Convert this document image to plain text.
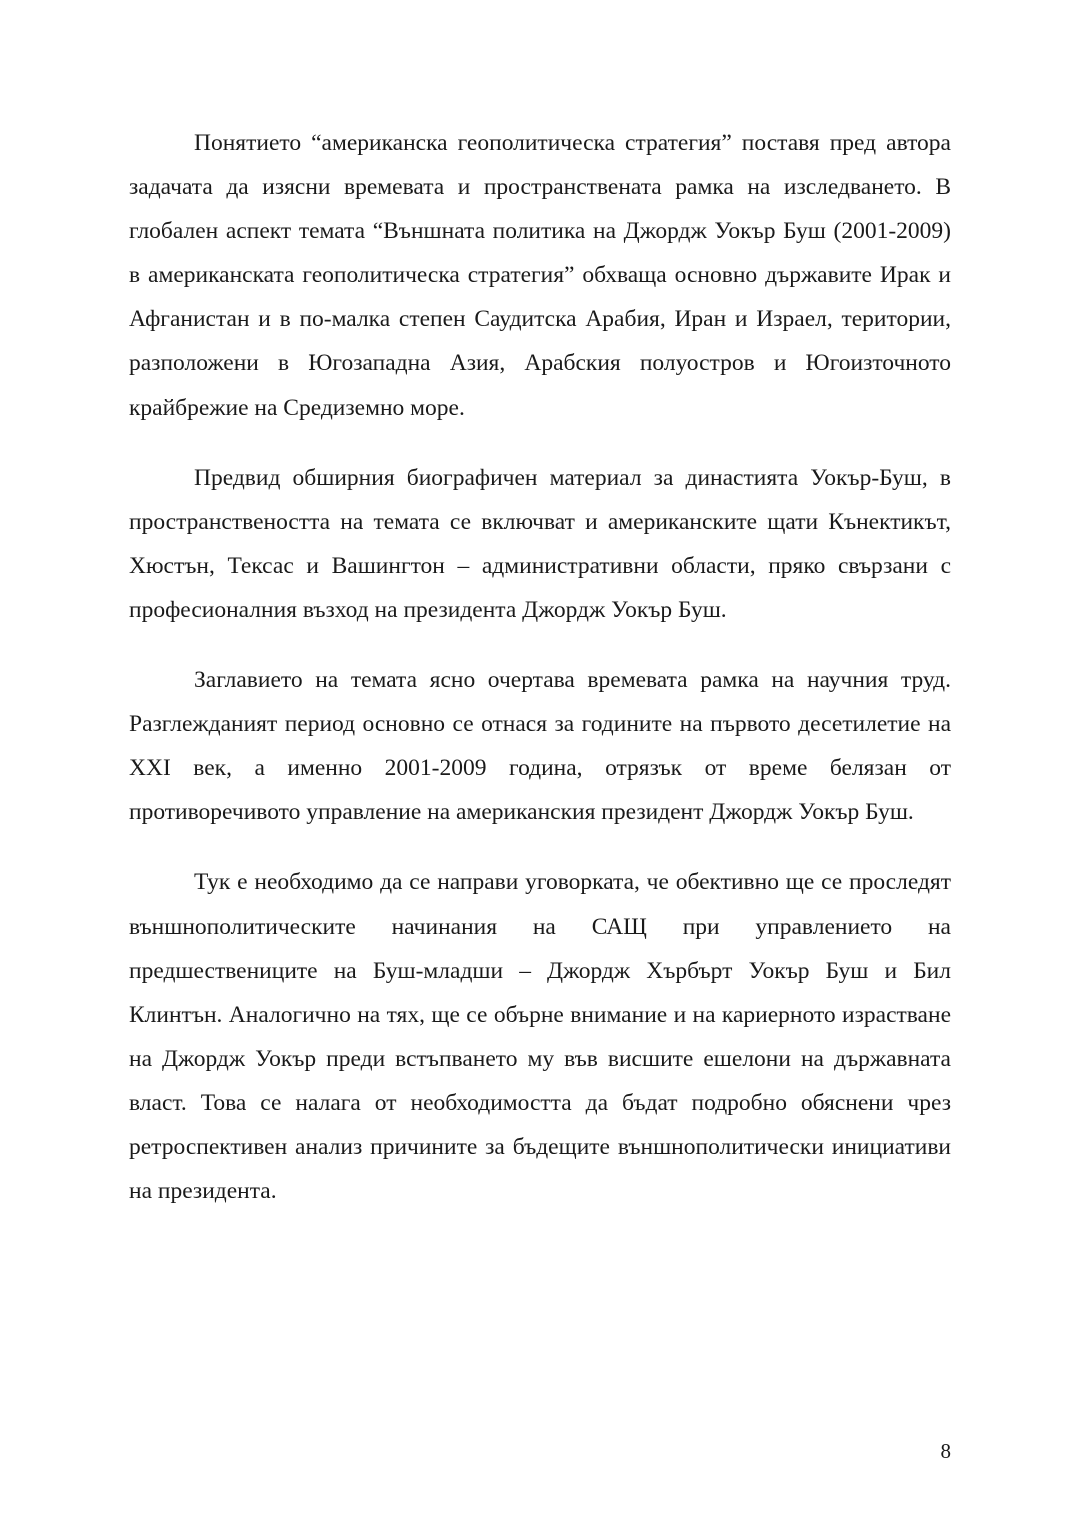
Понятието “американска геополитическа стратегия” поставя пред автора задачата да изясни времевата и пространствената рамка на изследването. В глобален аспект темата “Външната политика на Джордж Уокър Буш (2001-2009) в американската геополитическа стратегия” обхваща основно държавите Ирак и Афганистан и в по-малка степен Саудитска Арабия, Иран и Израел, територии, разположени в Югозападна Азия, Арабския полуостров и Югоизточното крайбрежие на Средиземно море.

Предвид обширния биографичен материал за династията Уокър-Буш, в пространствеността на темата се включват и американските щати Кънектикът, Хюстън, Тексас и Вашингтон – административни области, пряко свързани с професионалния възход на президента Джордж Уокър Буш.

Заглавието на темата ясно очертава времевата рамка на научния труд. Разглежданият период основно се отнася за годините на първото десетилетие на XXI век, а именно 2001-2009 година, отрязък от време белязан от противоречивото управление на американския президент Джордж Уокър Буш.

Тук е необходимо да се направи уговорката, че обективно ще се проследят външнополитическите начинания на САЩ при управлението на предшествениците на Буш-младши – Джордж Хърбърт Уокър Буш и Бил Клинтън. Аналогично на тях, ще се обърне внимание и на кариерното израстване на Джордж Уокър преди встъпването му във висшите ешелони на държавната власт. Това се налага от необходимостта да бъдат подробно обяснени чрез ретроспективен анализ причините за бъдещите външнополитически инициативи на президента.

8
